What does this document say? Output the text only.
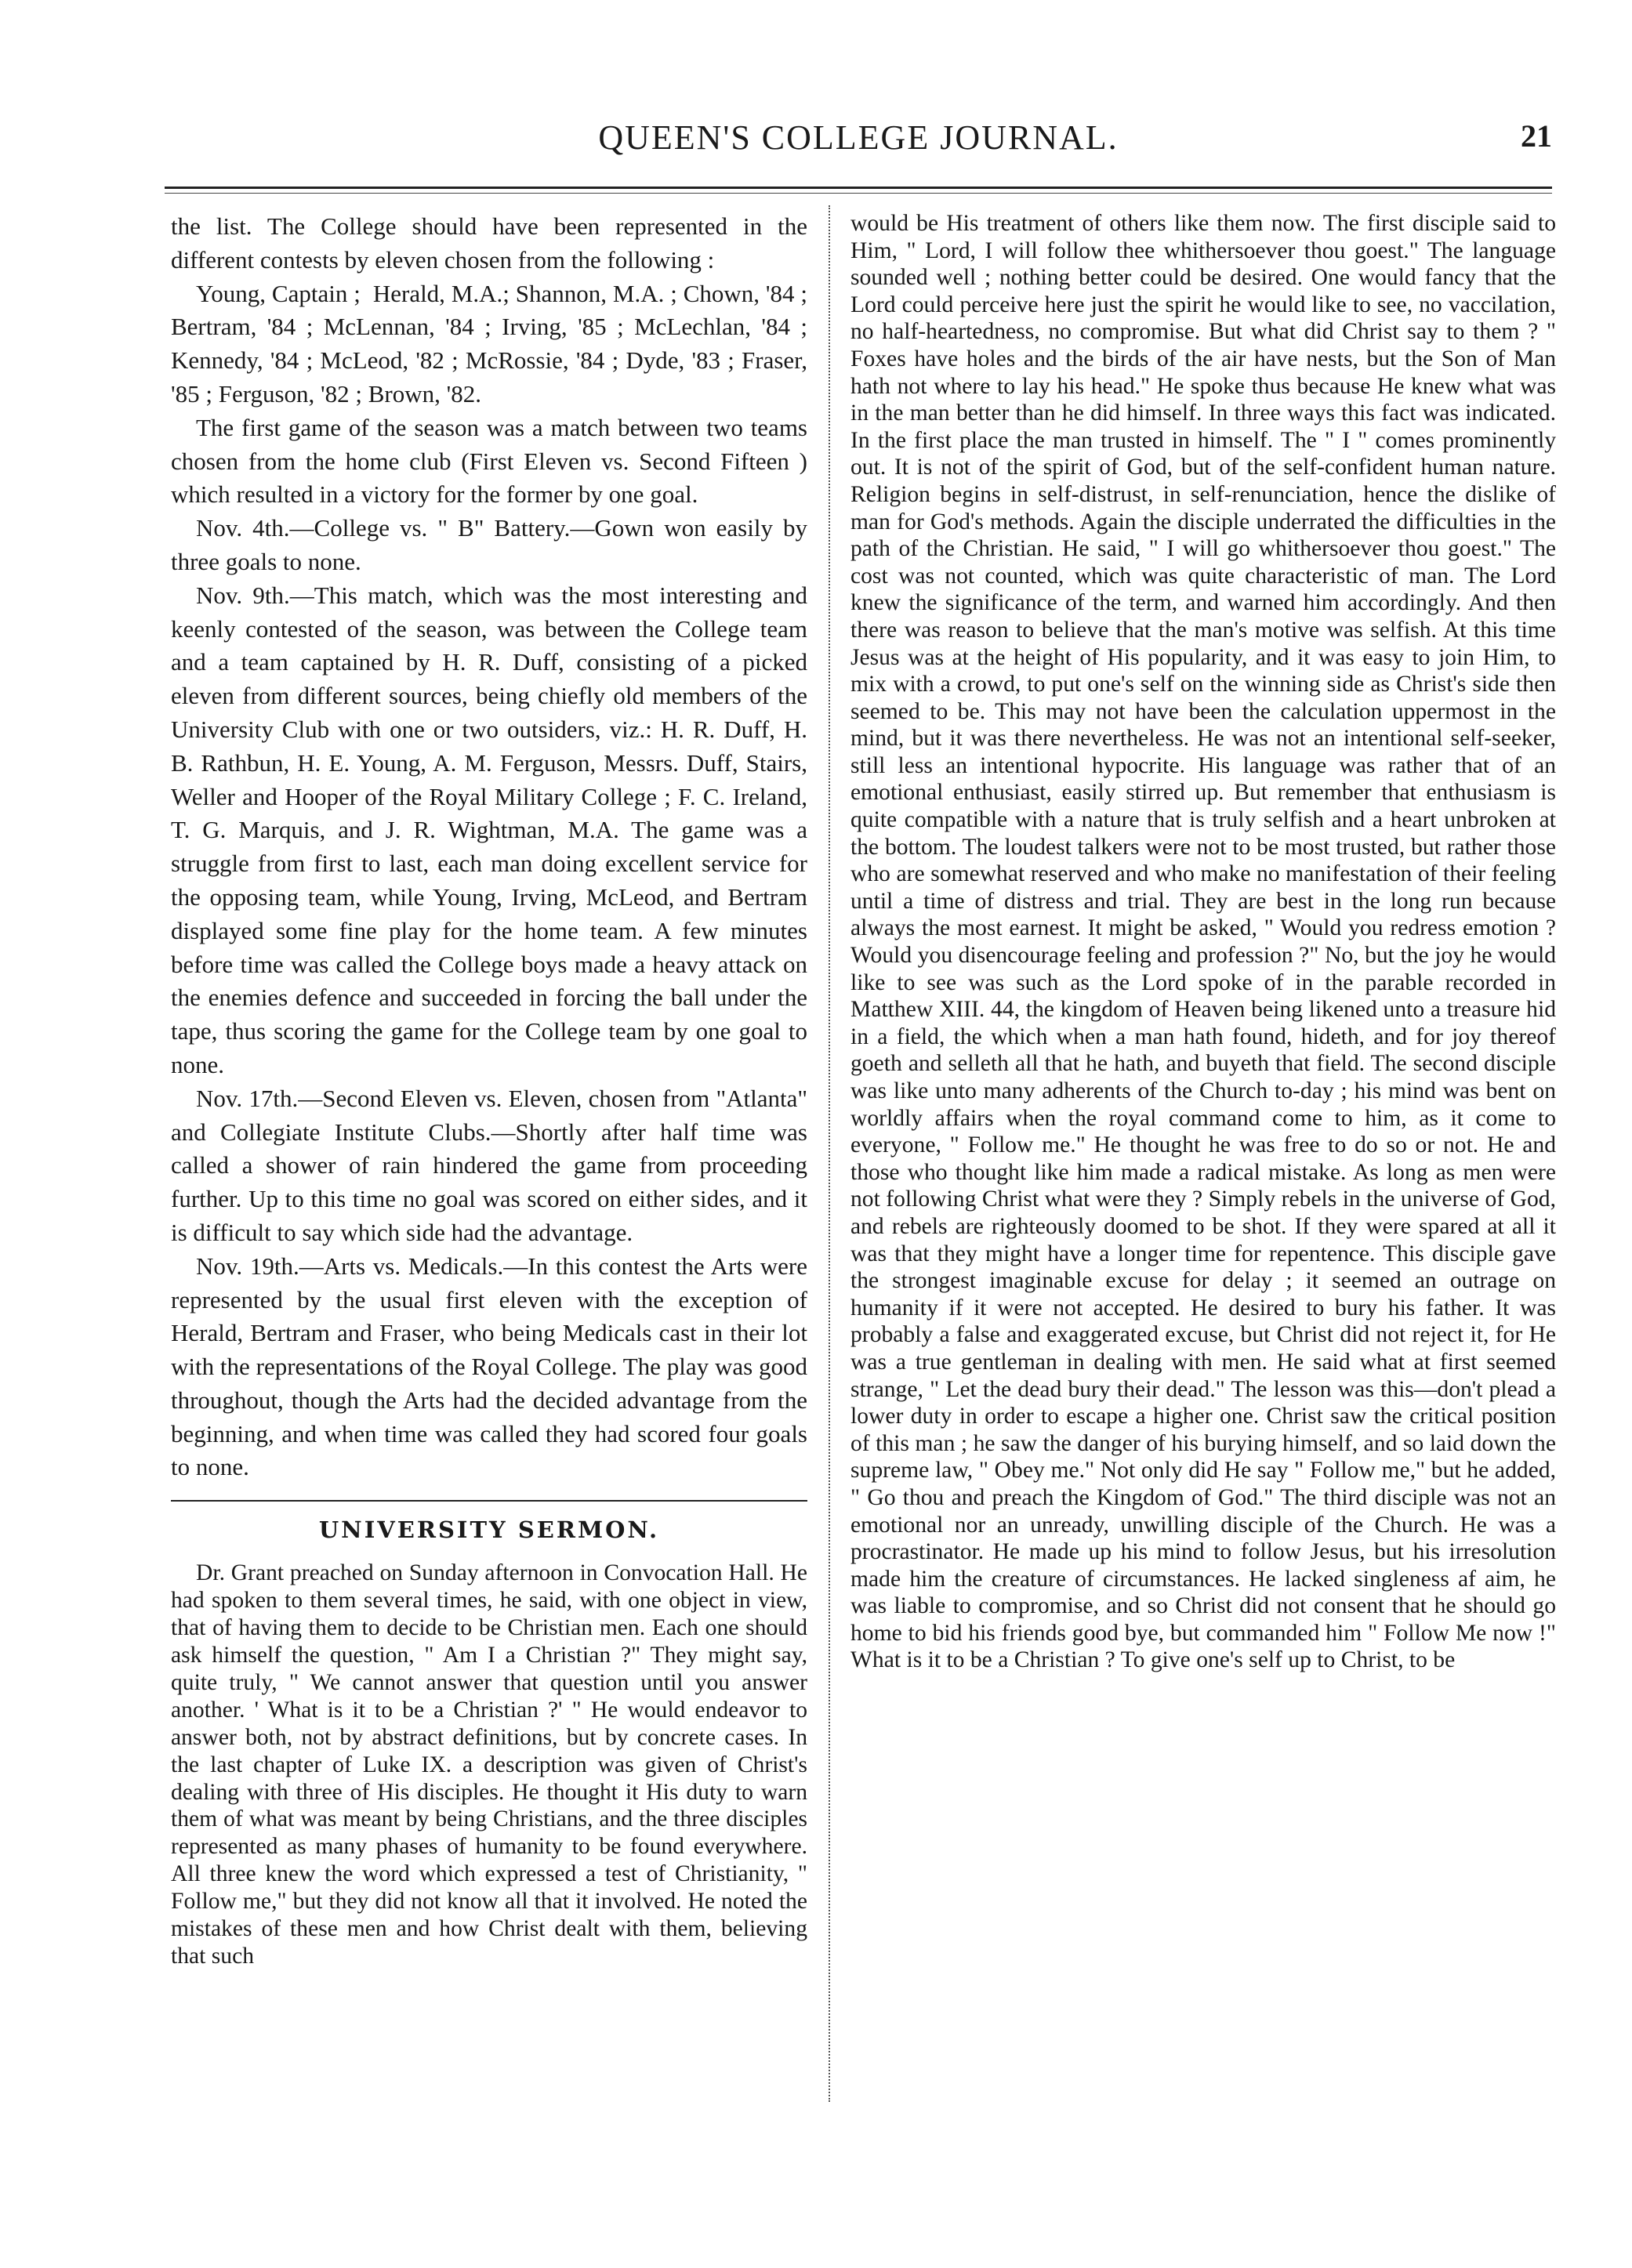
QUEEN'S COLLEGE JOURNAL.	21

the list. The College should have been represented in the different contests by eleven chosen from the following :

Young, Captain ; Herald, M.A.; Shannon, M.A. ; Chown, '84 ; Bertram, '84 ; McLennan, '84 ; Irving, '85 ; McLechlan, '84 ; Kennedy, '84 ; McLeod, '82 ; McRossie, '84 ; Dyde, '83 ; Fraser, '85 ; Ferguson, '82 ; Brown, '82.

The first game of the season was a match between two teams chosen from the home club (First Eleven vs. Second Fifteen ) which resulted in a victory for the former by one goal.

Nov. 4th.—College vs. " B" Battery.—Gown won easily by three goals to none.

Nov. 9th.—This match, which was the most interesting and keenly contested of the season, was between the College team and a team captained by H. R. Duff, consisting of a picked eleven from different sources, being chiefly old members of the University Club with one or two outsiders, viz.: H. R. Duff, H. B. Rathbun, H. E. Young, A. M. Ferguson, Messrs. Duff, Stairs, Weller and Hooper of the Royal Military College ; F. C. Ireland, T. G. Marquis, and J. R. Wightman, M.A. The game was a struggle from first to last, each man doing excellent service for the opposing team, while Young, Irving, McLeod, and Bertram displayed some fine play for the home team. A few minutes before time was called the College boys made a heavy attack on the enemies defence and succeeded in forcing the ball under the tape, thus scoring the game for the College team by one goal to none.

Nov. 17th.—Second Eleven vs. Eleven, chosen from "Atlanta" and Collegiate Institute Clubs.—Shortly after half time was called a shower of rain hindered the game from proceeding further. Up to this time no goal was scored on either sides, and it is difficult to say which side had the advantage.

Nov. 19th.—Arts vs. Medicals.—In this contest the Arts were represented by the usual first eleven with the exception of Herald, Bertram and Fraser, who being Medicals cast in their lot with the representations of the Royal College. The play was good throughout, though the Arts had the decided advantage from the beginning, and when time was called they had scored four goals to none.

UNIVERSITY SERMON.

Dr. Grant preached on Sunday afternoon in Convocation Hall. He had spoken to them several times, he said, with one object in view, that of having them to decide to be Christian men. Each one should ask himself the question, " Am I a Christian ?" They might say, quite truly, " We cannot answer that question until you answer another. ' What is it to be a Christian ?' " He would endeavor to answer both, not by abstract definitions, but by concrete cases. In the last chapter of Luke IX. a description was given of Christ's dealing with three of His disciples. He thought it His duty to warn them of what was meant by being Christians, and the three disciples represented as many phases of humanity to be found everywhere. All three knew the word which expressed a test of Christianity, " Follow me," but they did not know all that it involved. He noted the mistakes of these men and how Christ dealt with them, believing that such

would be His treatment of others like them now. The first disciple said to Him, " Lord, I will follow thee whithersoever thou goest." The language sounded well ; nothing better could be desired. One would fancy that the Lord could perceive here just the spirit he would like to see, no vaccilation, no half-heartedness, no compromise. But what did Christ say to them ? " Foxes have holes and the birds of the air have nests, but the Son of Man hath not where to lay his head." He spoke thus because He knew what was in the man better than he did himself. In three ways this fact was indicated. In the first place the man trusted in himself. The " I " comes prominently out. It is not of the spirit of God, but of the self-confident human nature. Religion begins in self-distrust, in self-renunciation, hence the dislike of man for God's methods. Again the disciple underrated the difficulties in the path of the Christian. He said, " I will go whithersoever thou goest." The cost was not counted, which was quite characteristic of man. The Lord knew the significance of the term, and warned him accordingly. And then there was reason to believe that the man's motive was selfish. At this time Jesus was at the height of His popularity, and it was easy to join Him, to mix with a crowd, to put one's self on the winning side as Christ's side then seemed to be. This may not have been the calculation uppermost in the mind, but it was there nevertheless. He was not an intentional self-seeker, still less an intentional hypocrite. His language was rather that of an emotional enthusiast, easily stirred up. But remember that enthusiasm is quite compatible with a nature that is truly selfish and a heart unbroken at the bottom. The loudest talkers were not to be most trusted, but rather those who are somewhat reserved and who make no manifestation of their feeling until a time of distress and trial. They are best in the long run because always the most earnest. It might be asked, " Would you redress emotion ? Would you disencourage feeling and profession ?" No, but the joy he would like to see was such as the Lord spoke of in the parable recorded in Matthew XIII. 44, the kingdom of Heaven being likened unto a treasure hid in a field, the which when a man hath found, hideth, and for joy thereof goeth and selleth all that he hath, and buyeth that field. The second disciple was like unto many adherents of the Church to-day ; his mind was bent on worldly affairs when the royal command come to him, as it come to everyone, " Follow me." He thought he was free to do so or not. He and those who thought like him made a radical mistake. As long as men were not following Christ what were they ? Simply rebels in the universe of God, and rebels are righteously doomed to be shot. If they were spared at all it was that they might have a longer time for repentence. This disciple gave the strongest imaginable excuse for delay ; it seemed an outrage on humanity if it were not accepted. He desired to bury his father. It was probably a false and exaggerated excuse, but Christ did not reject it, for He was a true gentleman in dealing with men. He said what at first seemed strange, " Let the dead bury their dead." The lesson was this—don't plead a lower duty in order to escape a higher one. Christ saw the critical position of this man ; he saw the danger of his burying himself, and so laid down the supreme law, " Obey me." Not only did He say " Follow me," but he added, " Go thou and preach the Kingdom of God." The third disciple was not an emotional nor an unready, unwilling disciple of the Church. He was a procrastinator. He made up his mind to follow Jesus, but his irresolution made him the creature of circumstances. He lacked singleness af aim, he was liable to compromise, and so Christ did not consent that he should go home to bid his friends good bye, but commanded him " Follow Me now !" What is it to be a Christian ? To give one's self up to Christ, to be
